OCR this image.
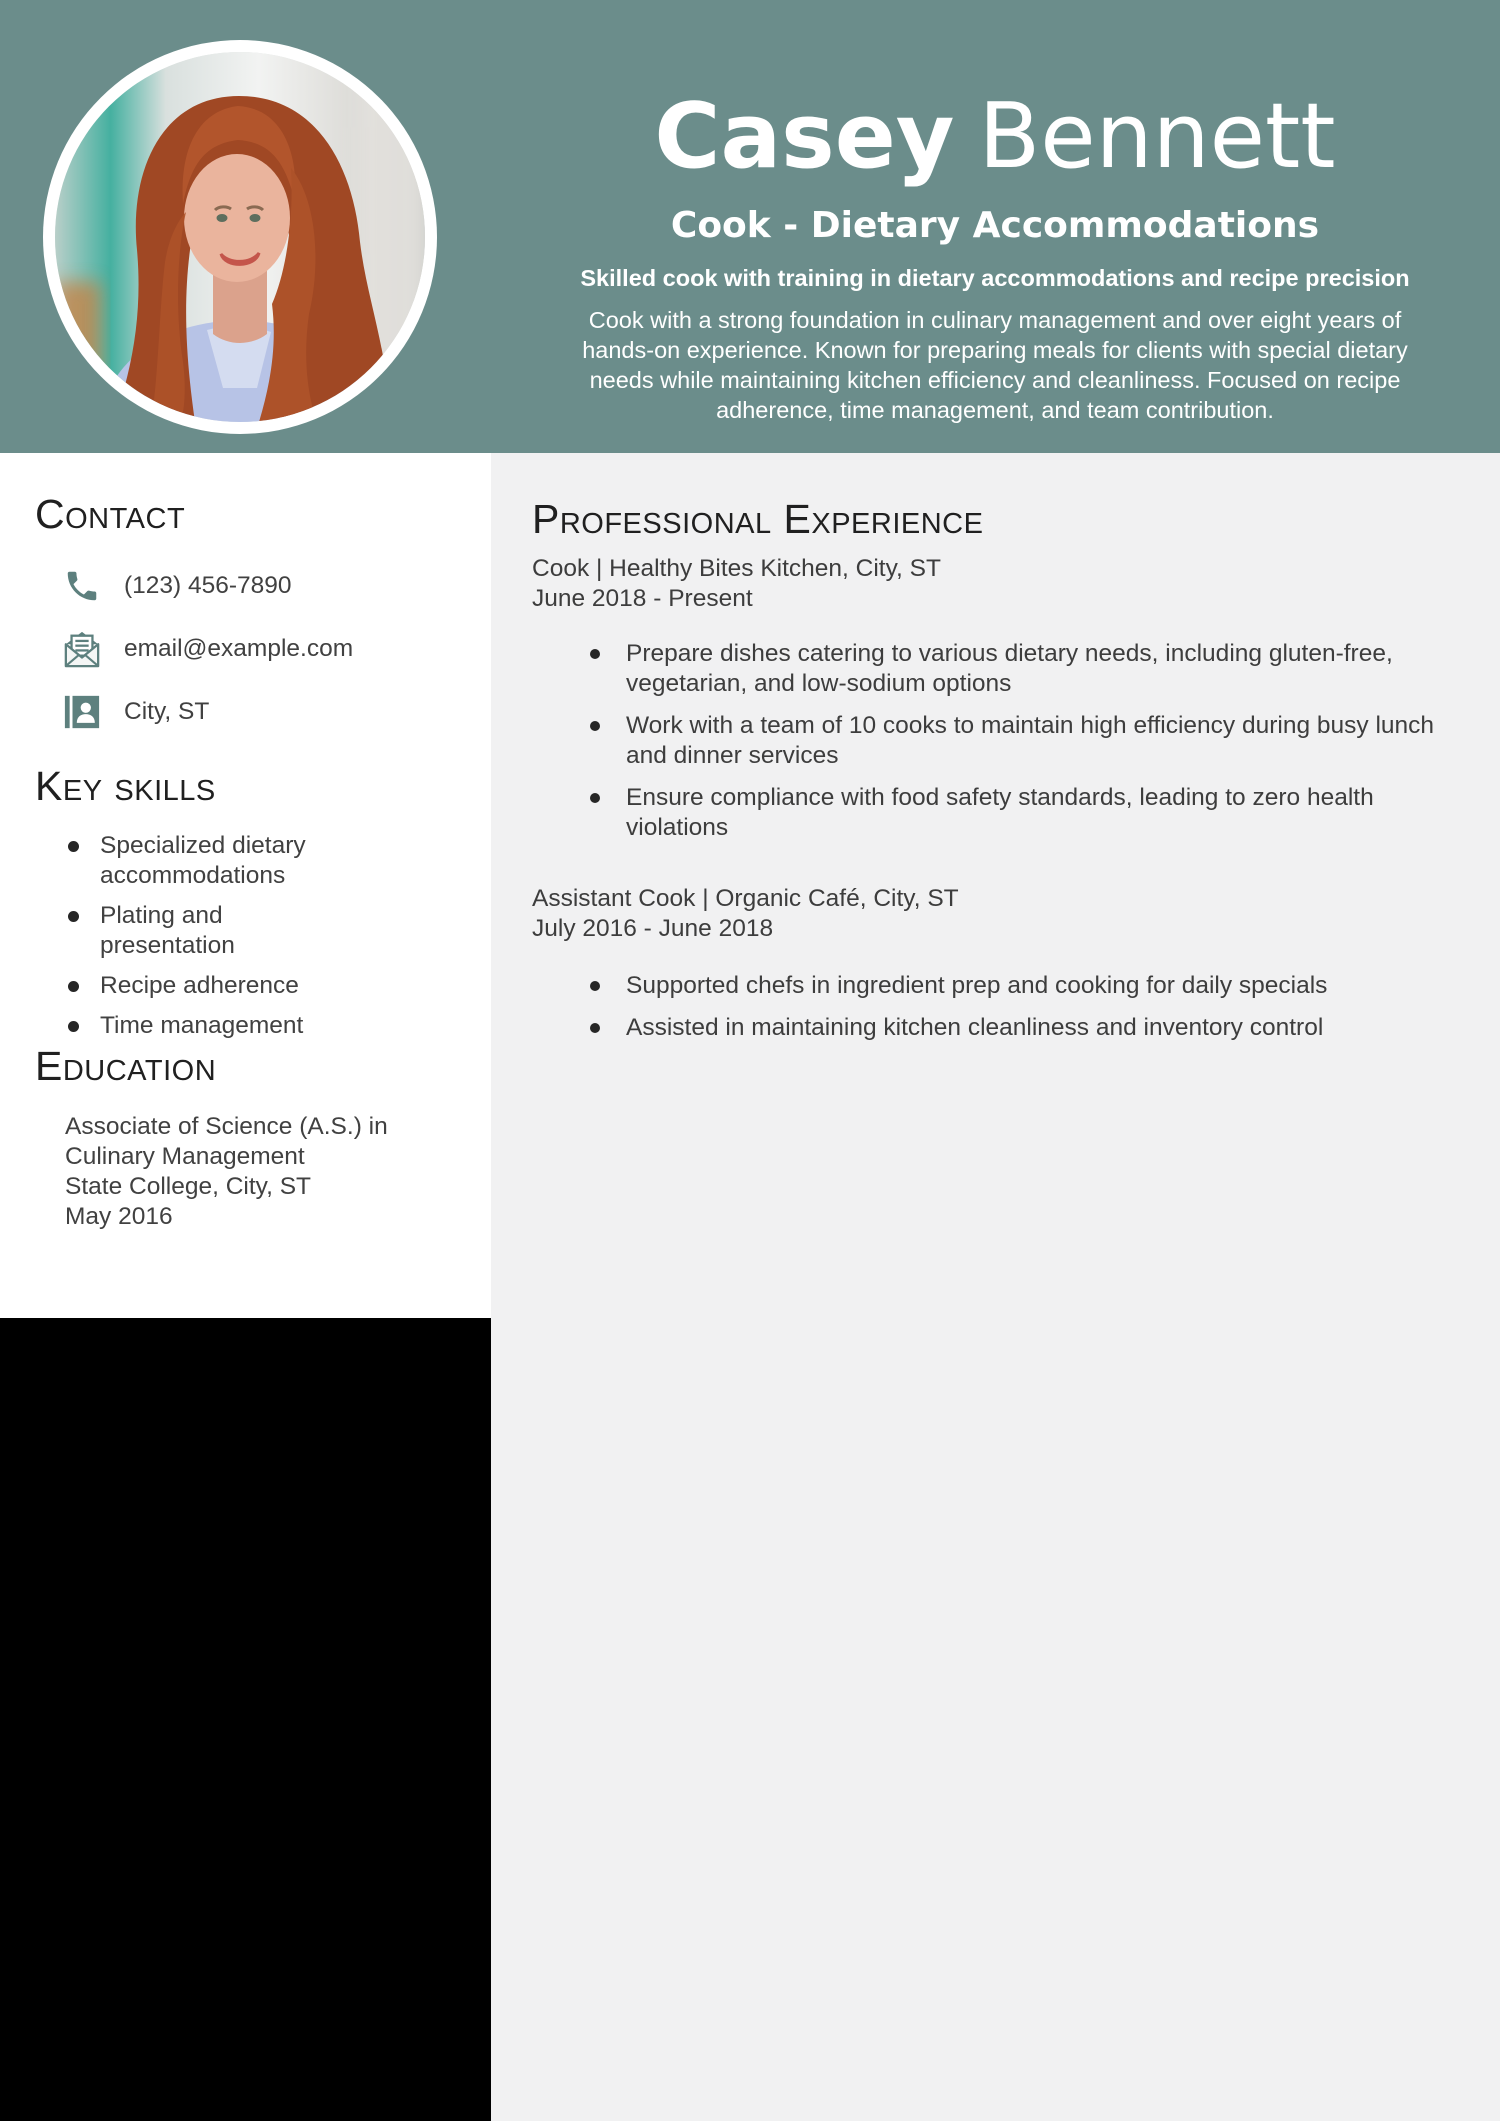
Casey Bennett
Cook - Dietary Accommodations
Skilled cook with training in dietary accommodations and recipe precision
Cook with a strong foundation in culinary management and over eight years of hands-on experience. Known for preparing meals for clients with special dietary needs while maintaining kitchen efficiency and cleanliness. Focused on recipe adherence, time management, and team contribution.
Contact
(123) 456-7890
email@example.com
City, ST
Key skills
Specialized dietary accommodations
Plating and presentation
Recipe adherence
Time management
Education
Associate of Science (A.S.) in
Culinary Management
State College, City, ST
May 2016
Professional Experience
Cook | Healthy Bites Kitchen, City, ST
June 2018 - Present
Prepare dishes catering to various dietary needs, including gluten-free, vegetarian, and low-sodium options
Work with a team of 10 cooks to maintain high efficiency during busy lunch and dinner services
Ensure compliance with food safety standards, leading to zero health violations
Assistant Cook | Organic Café, City, ST
July 2016 - June 2018
Supported chefs in ingredient prep and cooking for daily specials
Assisted in maintaining kitchen cleanliness and inventory control
